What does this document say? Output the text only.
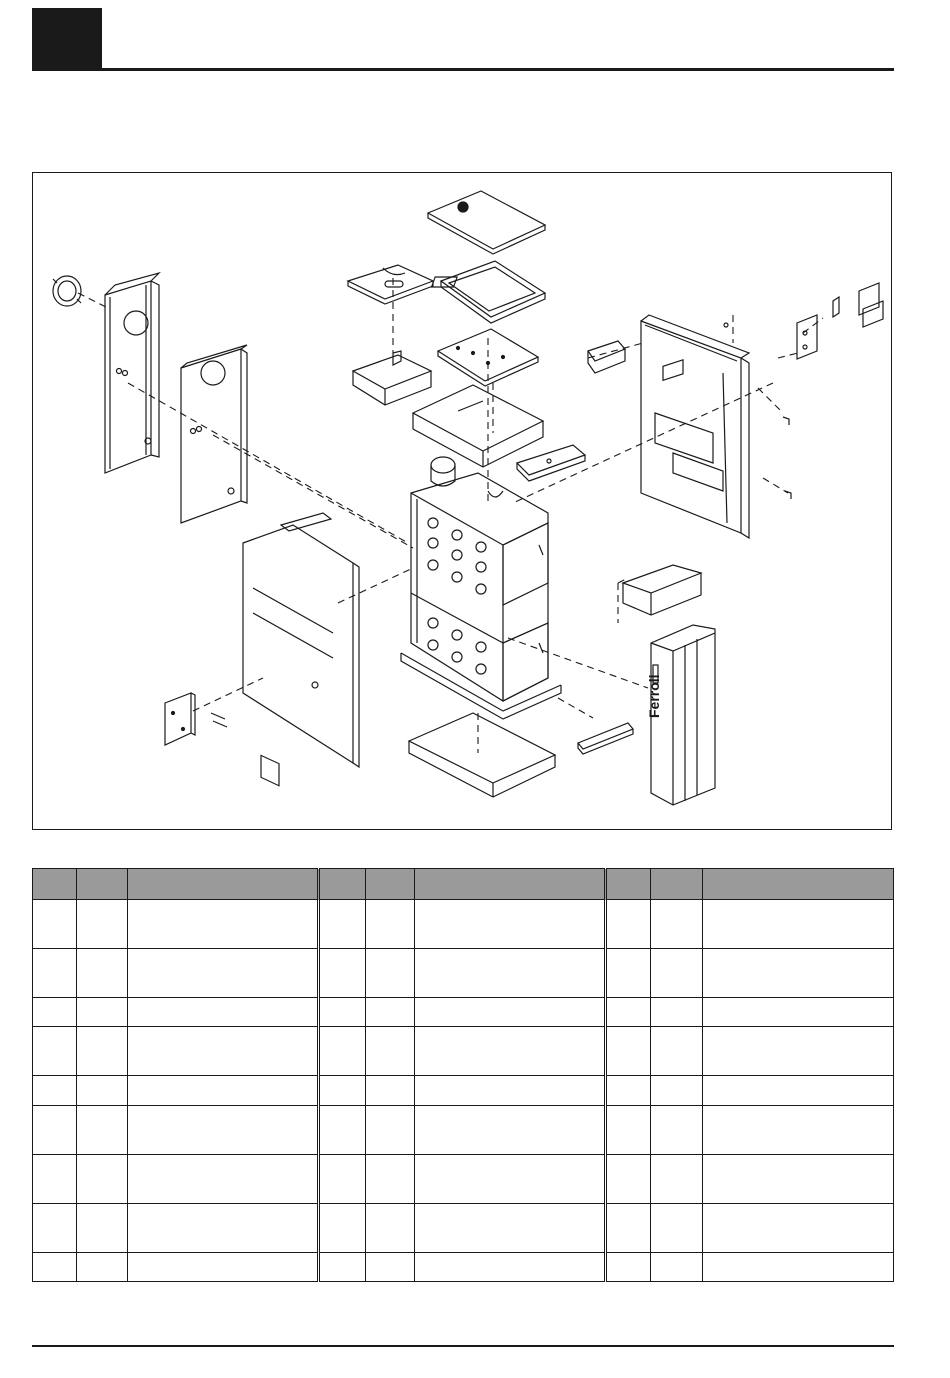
Ferroli
